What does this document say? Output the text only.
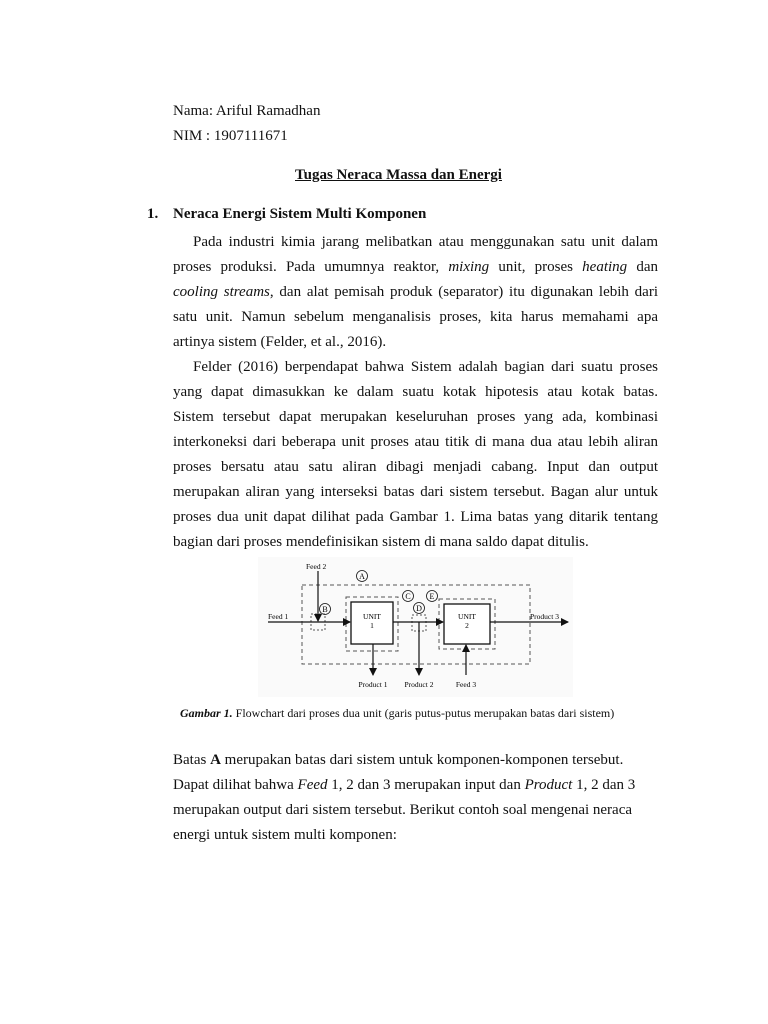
Nama: Ariful Ramadhan
NIM : 1907111671
Tugas Neraca Massa dan Energi
1. Neraca Energi Sistem Multi Komponen
Pada industri kimia jarang melibatkan atau menggunakan satu unit dalam
proses produksi. Pada umumnya reaktor, mixing unit, proses heating dan
cooling streams, dan alat pemisah produk (separator) itu digunakan lebih dari
satu unit. Namun sebelum menganalisis proses, kita harus memahami apa
artinya sistem (Felder, et al., 2016).
Felder (2016) berpendapat bahwa Sistem adalah bagian dari suatu proses
yang dapat dimasukkan ke dalam suatu kotak hipotesis atau kotak batas.
Sistem tersebut dapat merupakan keseluruhan proses yang ada, kombinasi
interkoneksi dari beberapa unit proses atau titik di mana dua atau lebih aliran
proses bersatu atau satu aliran dibagi menjadi cabang. Input dan output
merupakan aliran yang interseksi batas dari sistem tersebut. Bagan alur untuk
proses dua unit dapat dilihat pada Gambar 1. Lima batas yang ditarik tentang
bagian dari proses mendefinisikan sistem di mana saldo dapat ditulis.
A
B
C
D
E
Feed 2
Feed 1	Product 3
UNIT
1
UNIT
2
Product 1 Product 2	Feed 3
Gambar 1. Flowchart dari proses dua unit (garis putus-putus merupakan batas dari sistem)
Batas A merupakan batas dari sistem untuk komponen-komponen tersebut.
Dapat dilihat bahwa Feed 1, 2 dan 3 merupakan input dan Product 1, 2 dan 3
merupakan output dari sistem tersebut. Berikut contoh soal mengenai neraca
energi untuk sistem multi komponen:
